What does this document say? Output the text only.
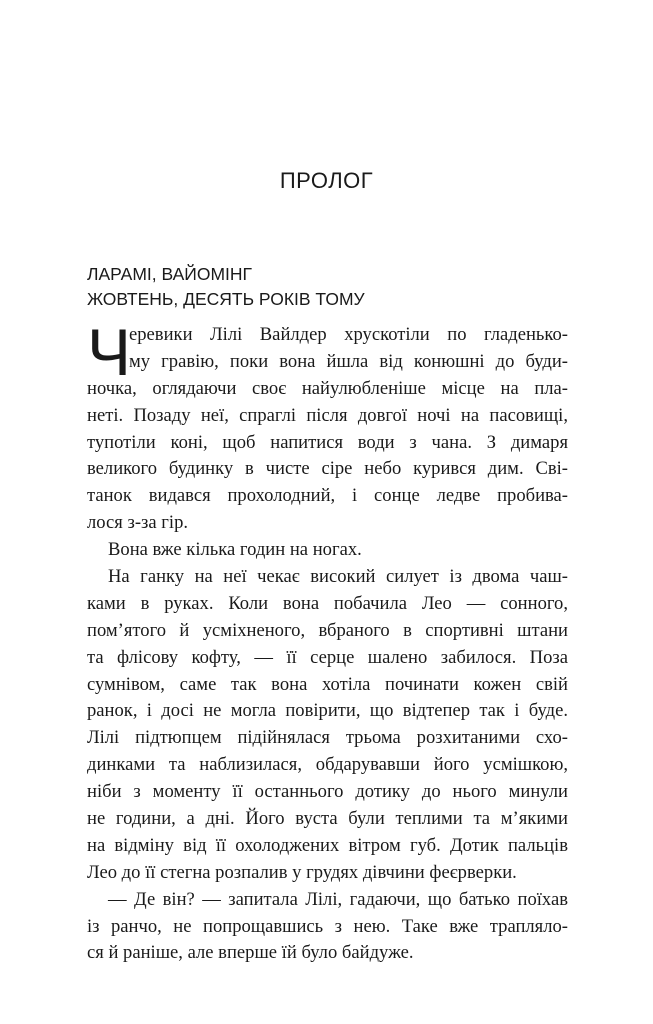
ПРОЛОГ
ЛАРАМІ, ВАЙОМІНГ
ЖОВТЕНЬ, ДЕСЯТЬ РОКІВ ТОМУ
Ч
еревики Лілі Вайлдер хрускотіли по гладенько-
му гравію, поки вона йшла від конюшні до буди-
ночка, оглядаючи своє найулюбленіше місце на пла-
неті. Позаду неї, спраглі після довгої ночі на пасовищі,
тупотіли коні, щоб напитися води з чана. З димаря
великого будинку в чисте сіре небо курився дим. Сві-
танок видався прохолодний, і сонце ледве пробива-
лося з-за гір.
Вона вже кілька годин на ногах.
На ганку на неї чекає високий силует із двома чаш-
ками в руках. Коли вона побачила Лео — сонного,
пом’ятого й усміхненого, вбраного в спортивні штани
та флісову кофту, — її серце шалено забилося. Поза
сумнівом, саме так вона хотіла починати кожен свій
ранок, і досі не могла повірити, що відтепер так і буде.
Лілі підтюпцем підійнялася трьома розхитаними схо-
динками та наблизилася, обдарувавши його усмішкою,
ніби з моменту її останнього дотику до нього минули
не години, а дні. Його вуста були теплими та м’якими
на відміну від її охолоджених вітром губ. Дотик пальців
Лео до її стегна розпалив у грудях дівчини феєрверки.
— Де він? — запитала Лілі, гадаючи, що батько поїхав
із ранчо, не попрощавшись з нею. Таке вже траплялo-
ся й раніше, але вперше їй було байдуже.
